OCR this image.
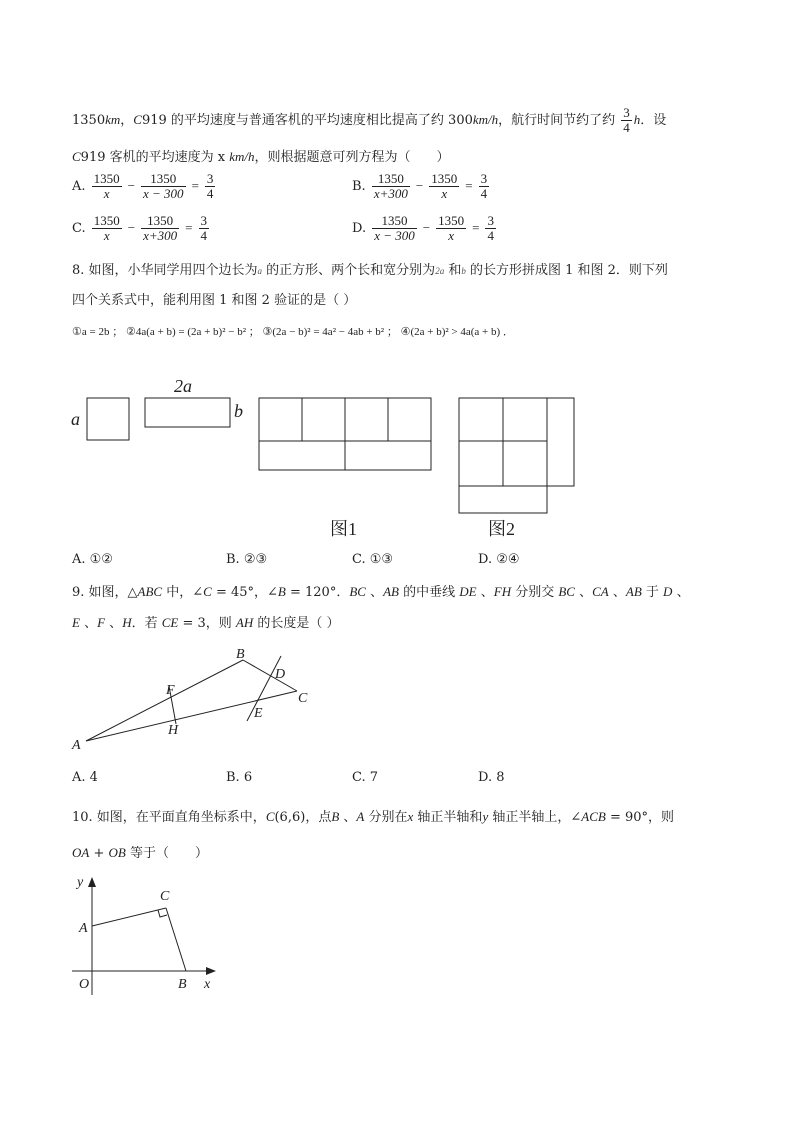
1350km，C919 的平均速度与普通客机的平均速度相比提高了约 300km/h，航行时间节约了约 $\frac{3}{4}$ h．设
C919 客机的平均速度为 x km/h，则根据题意可列方程为（　　）
A. $\frac{1350}{x} - \frac{1350}{x - 300} = \frac{3}{4}$	B. $\frac{1350}{x+300} - \frac{1350}{x} = \frac{3}{4}$
C. $\frac{1350}{x} - \frac{1350}{x+300} = \frac{3}{4}$	D. $\frac{1350}{x - 300} - \frac{1350}{x} = \frac{3}{4}$
8. 如图，小华同学用四个边长为a 的正方形、两个长和宽分别为2a 和b 的长方形拼成图 1 和图 2．则下列
四个关系式中，能利用图 1 和图 2 验证的是（ ）
①a = 2b ； ②4a(a + b) = (2a + b)² − b² ； ③(2a − b)² = 4a² − 4ab + b² ； ④(2a + b)² > 4a(a + b) ．
a
2a
b
图1	图2
A. ①②	B. ②③	C. ①③	D. ②④
9. 如图，△ABC 中，∠C = 45°，∠B = 120°．BC 、AB 的中垂线 DE 、FH 分别交 BC 、CA 、AB 于 D 、
E 、F 、H．若 CE = 3，则 AH 的长度是（ ）
A
B
C
D
E
F
H
A. 4	B. 6	C. 7	D. 8
10. 如图，在平面直角坐标系中，C(6,6)，点B 、A 分别在x 轴正半轴和y 轴正半轴上，∠ACB = 90°，则
OA + OB 等于（　　）
y
x
O
A
B
C
